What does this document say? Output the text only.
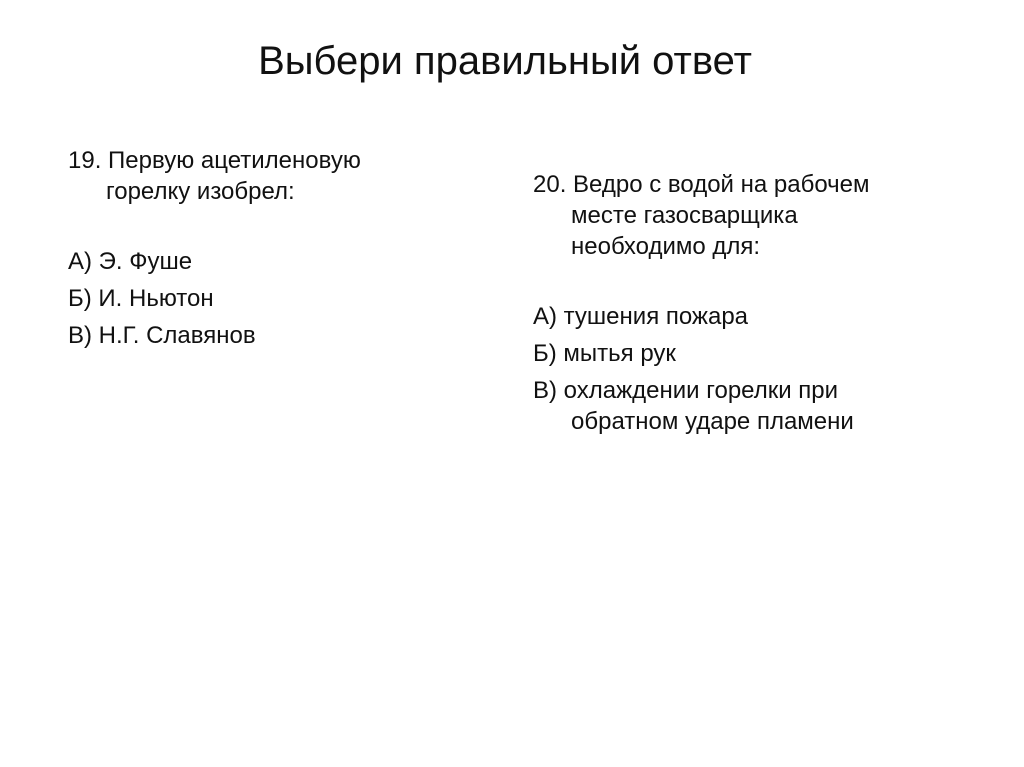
Выбери правильный ответ

19. Первую ацетиленовую
горелку изобрел:

А) Э. Фуше

Б) И. Ньютон

В) Н.Г. Славянов

20. Ведро с водой на рабочем
месте газосварщика
необходимо для:

А) тушения пожара

Б) мытья рук

В) охлаждении горелки при
обратном ударе пламени
